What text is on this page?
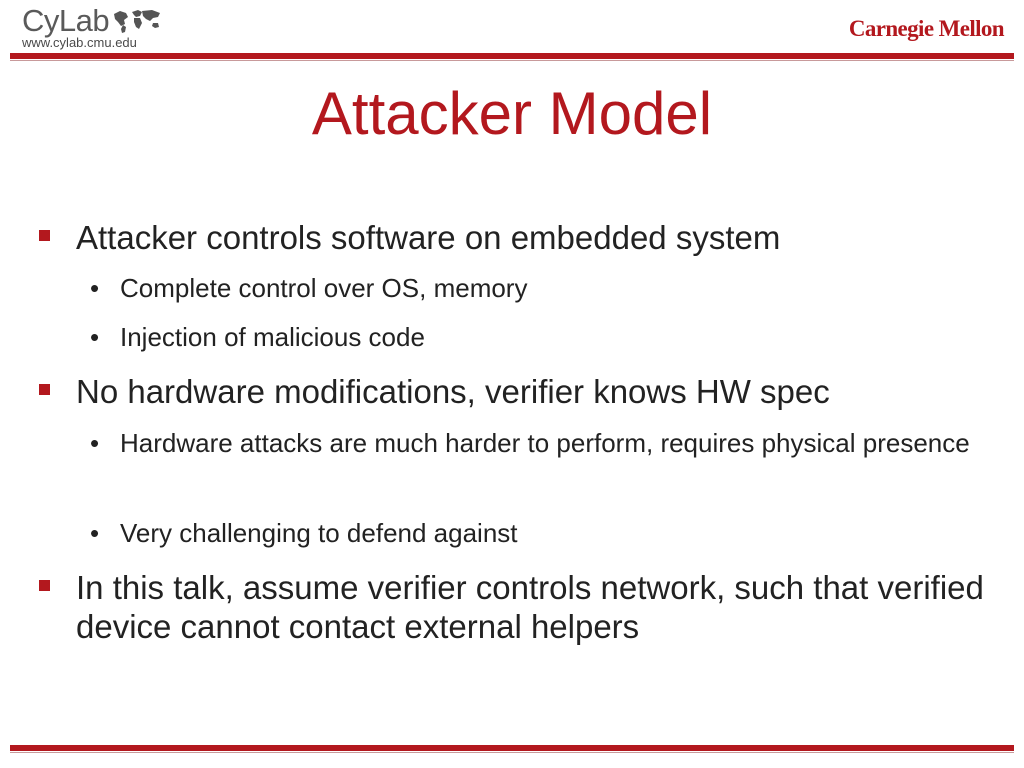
CyLab
www.cylab.cmu.edu
Carnegie Mellon
Attacker Model
Attacker controls software on embedded system
• Complete control over OS, memory
• Injection of malicious code
No hardware modifications, verifier knows HW spec
• Hardware attacks are much harder to perform, requires physical presence
• Very challenging to defend against
In this talk, assume verifier controls network, such that verified device cannot contact external helpers
